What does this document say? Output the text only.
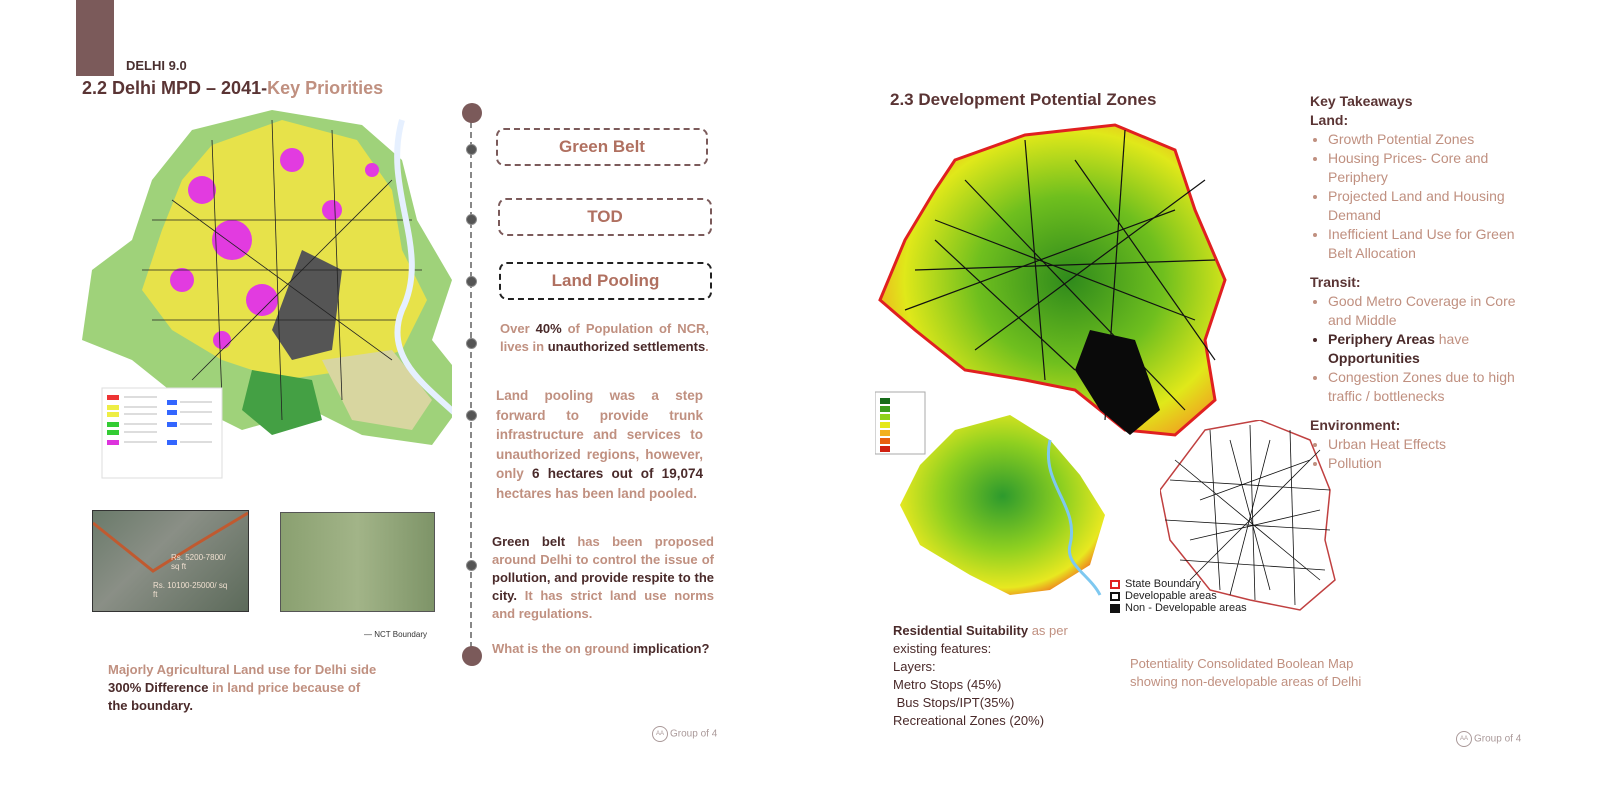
DELHI 9.0
2.2 Delhi MPD – 2041-Key Priorities
Rs. 5200-7800/ sq ft
Rs. 10100-25000/ sq ft
— NCT Boundary
Majorly Agricultural Land use for Delhi side
300% Difference in land price because of
the boundary.
Green Belt
TOD
Land Pooling
Over 40% of Population of NCR, lives in unauthorized settlements.
Land pooling was a step forward to provide trunk infrastructure and services to unauthorized regions, however, only 6 hectares out of 19,074 hectares has been land pooled.
Green belt has been proposed around Delhi to control the issue of pollution, and provide respite to the city. It has strict land use norms and regulations.
What is the on ground implication?
AA Group of 4
2.3 Development Potential Zones
State Boundary
Developable areas
Non - Developable areas
Key Takeaways
Land:
• Growth Potential Zones
• Housing Prices- Core and Periphery
• Projected Land and Housing Demand
• Inefficient Land Use for Green Belt Allocation
Transit:
• Good Metro Coverage in Core and Middle
• Periphery Areas have Opportunities
• Congestion Zones due to high traffic / bottlenecks
Environment:
• Urban Heat Effects
• Pollution
Residential Suitability as per
existing features:
Layers:
Metro Stops (45%)
Bus Stops/IPT(35%)
Recreational Zones (20%)
Potentiality Consolidated Boolean Map showing non-developable areas of Delhi
AA Group of 4
